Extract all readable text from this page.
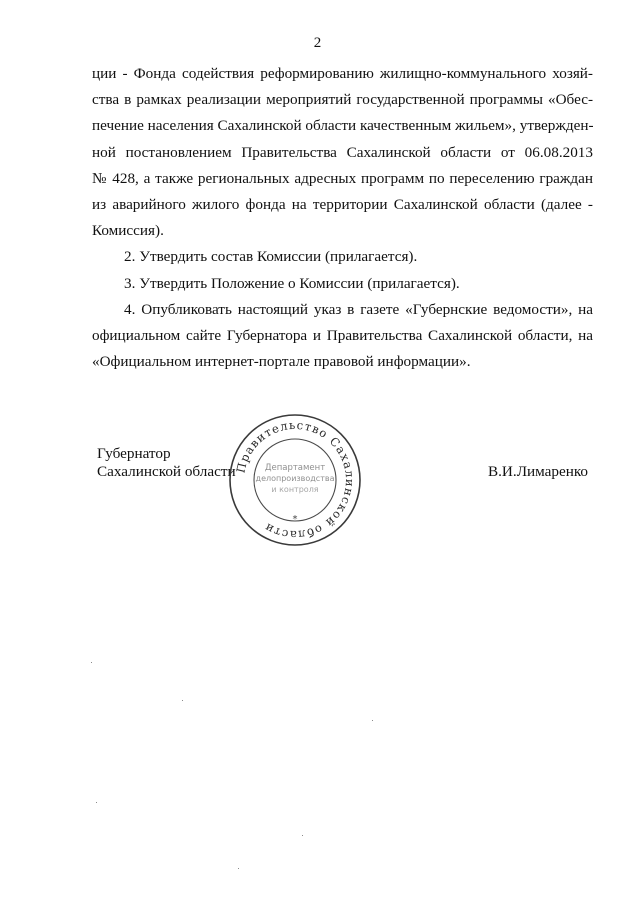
2
ции - Фонда содействия реформированию жилищно-коммунального хозяй-
ства в рамках реализации мероприятий государственной программы «Обес-
печение населения Сахалинской области качественным жильем», утвержден-
ной постановлением Правительства Сахалинской области от 06.08.2013
№ 428, а также региональных адресных программ по переселению граждан
из аварийного жилого фонда на территории Сахалинской области (далее -
Комиссия).
2. Утвердить состав Комиссии (прилагается).
3. Утвердить Положение о Комиссии (прилагается).
4. Опубликовать настоящий указ в газете «Губернские ведомости», на
официальном сайте Губернатора и Правительства Сахалинской области, на
«Официальном интернет-портале правовой информации».
Губернатор
Сахалинской области
Правительство Сахалинской области
*
Департамент
делопроизводства
и контроля
В.И.Лимаренко
